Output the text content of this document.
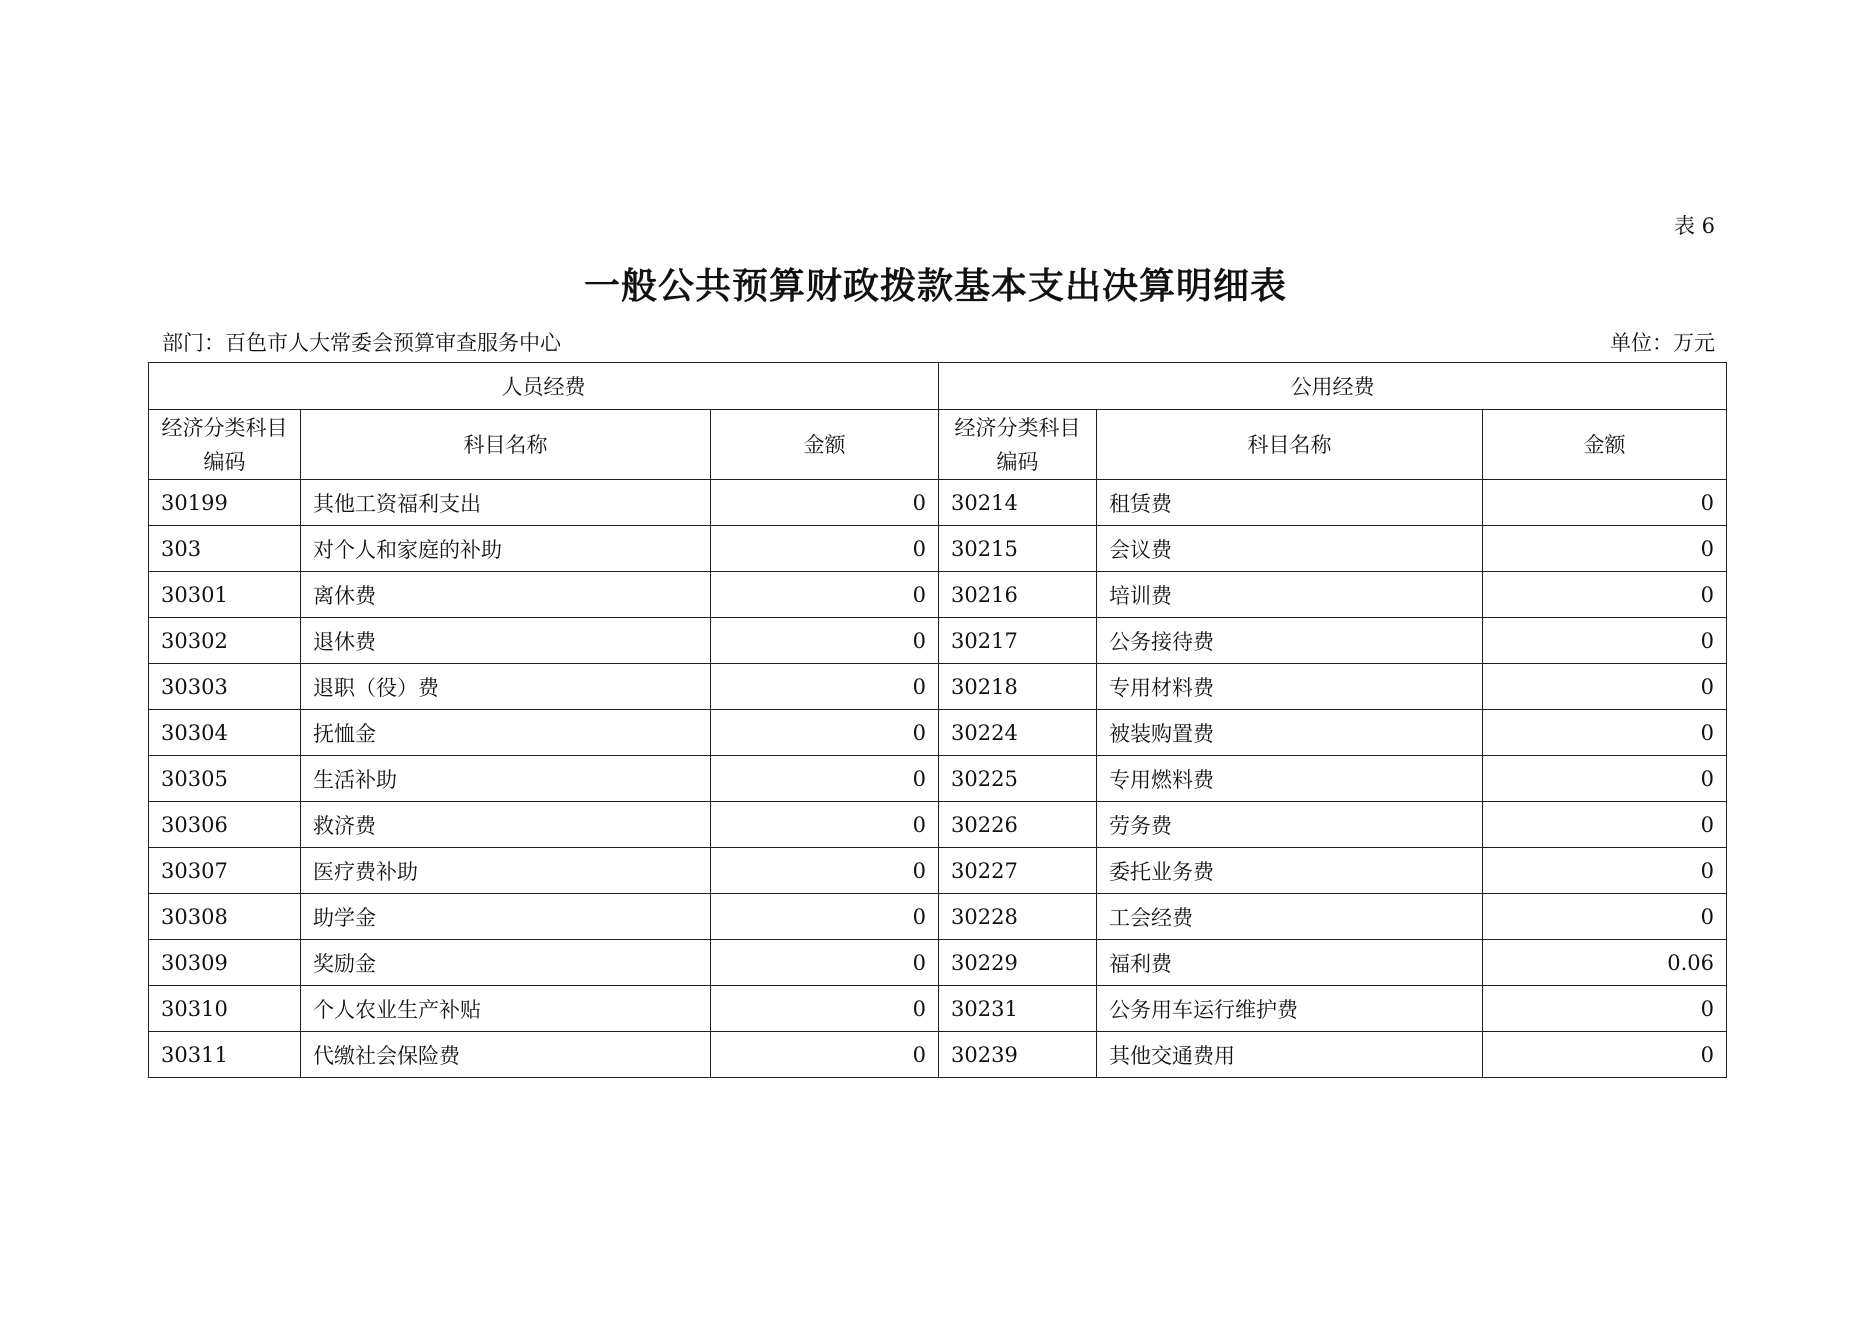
表 6
一般公共预算财政拨款基本支出决算明细表
部门：百色市人大常委会预算审查服务中心	单位：万元
人员经费			公用经费		
经济分类科目编码	科目名称	金额	经济分类科目编码	科目名称	金额
30199	其他工资福利支出	0	30214	租赁费	0
303	对个人和家庭的补助	0	30215	会议费	0
30301	离休费	0	30216	培训费	0
30302	退休费	0	30217	公务接待费	0
30303	退职（役）费	0	30218	专用材料费	0
30304	抚恤金	0	30224	被装购置费	0
30305	生活补助	0	30225	专用燃料费	0
30306	救济费	0	30226	劳务费	0
30307	医疗费补助	0	30227	委托业务费	0
30308	助学金	0	30228	工会经费	0
30309	奖励金	0	30229	福利费	0.06
30310	个人农业生产补贴	0	30231	公务用车运行维护费	0
30311	代缴社会保险费	0	30239	其他交通费用	0
